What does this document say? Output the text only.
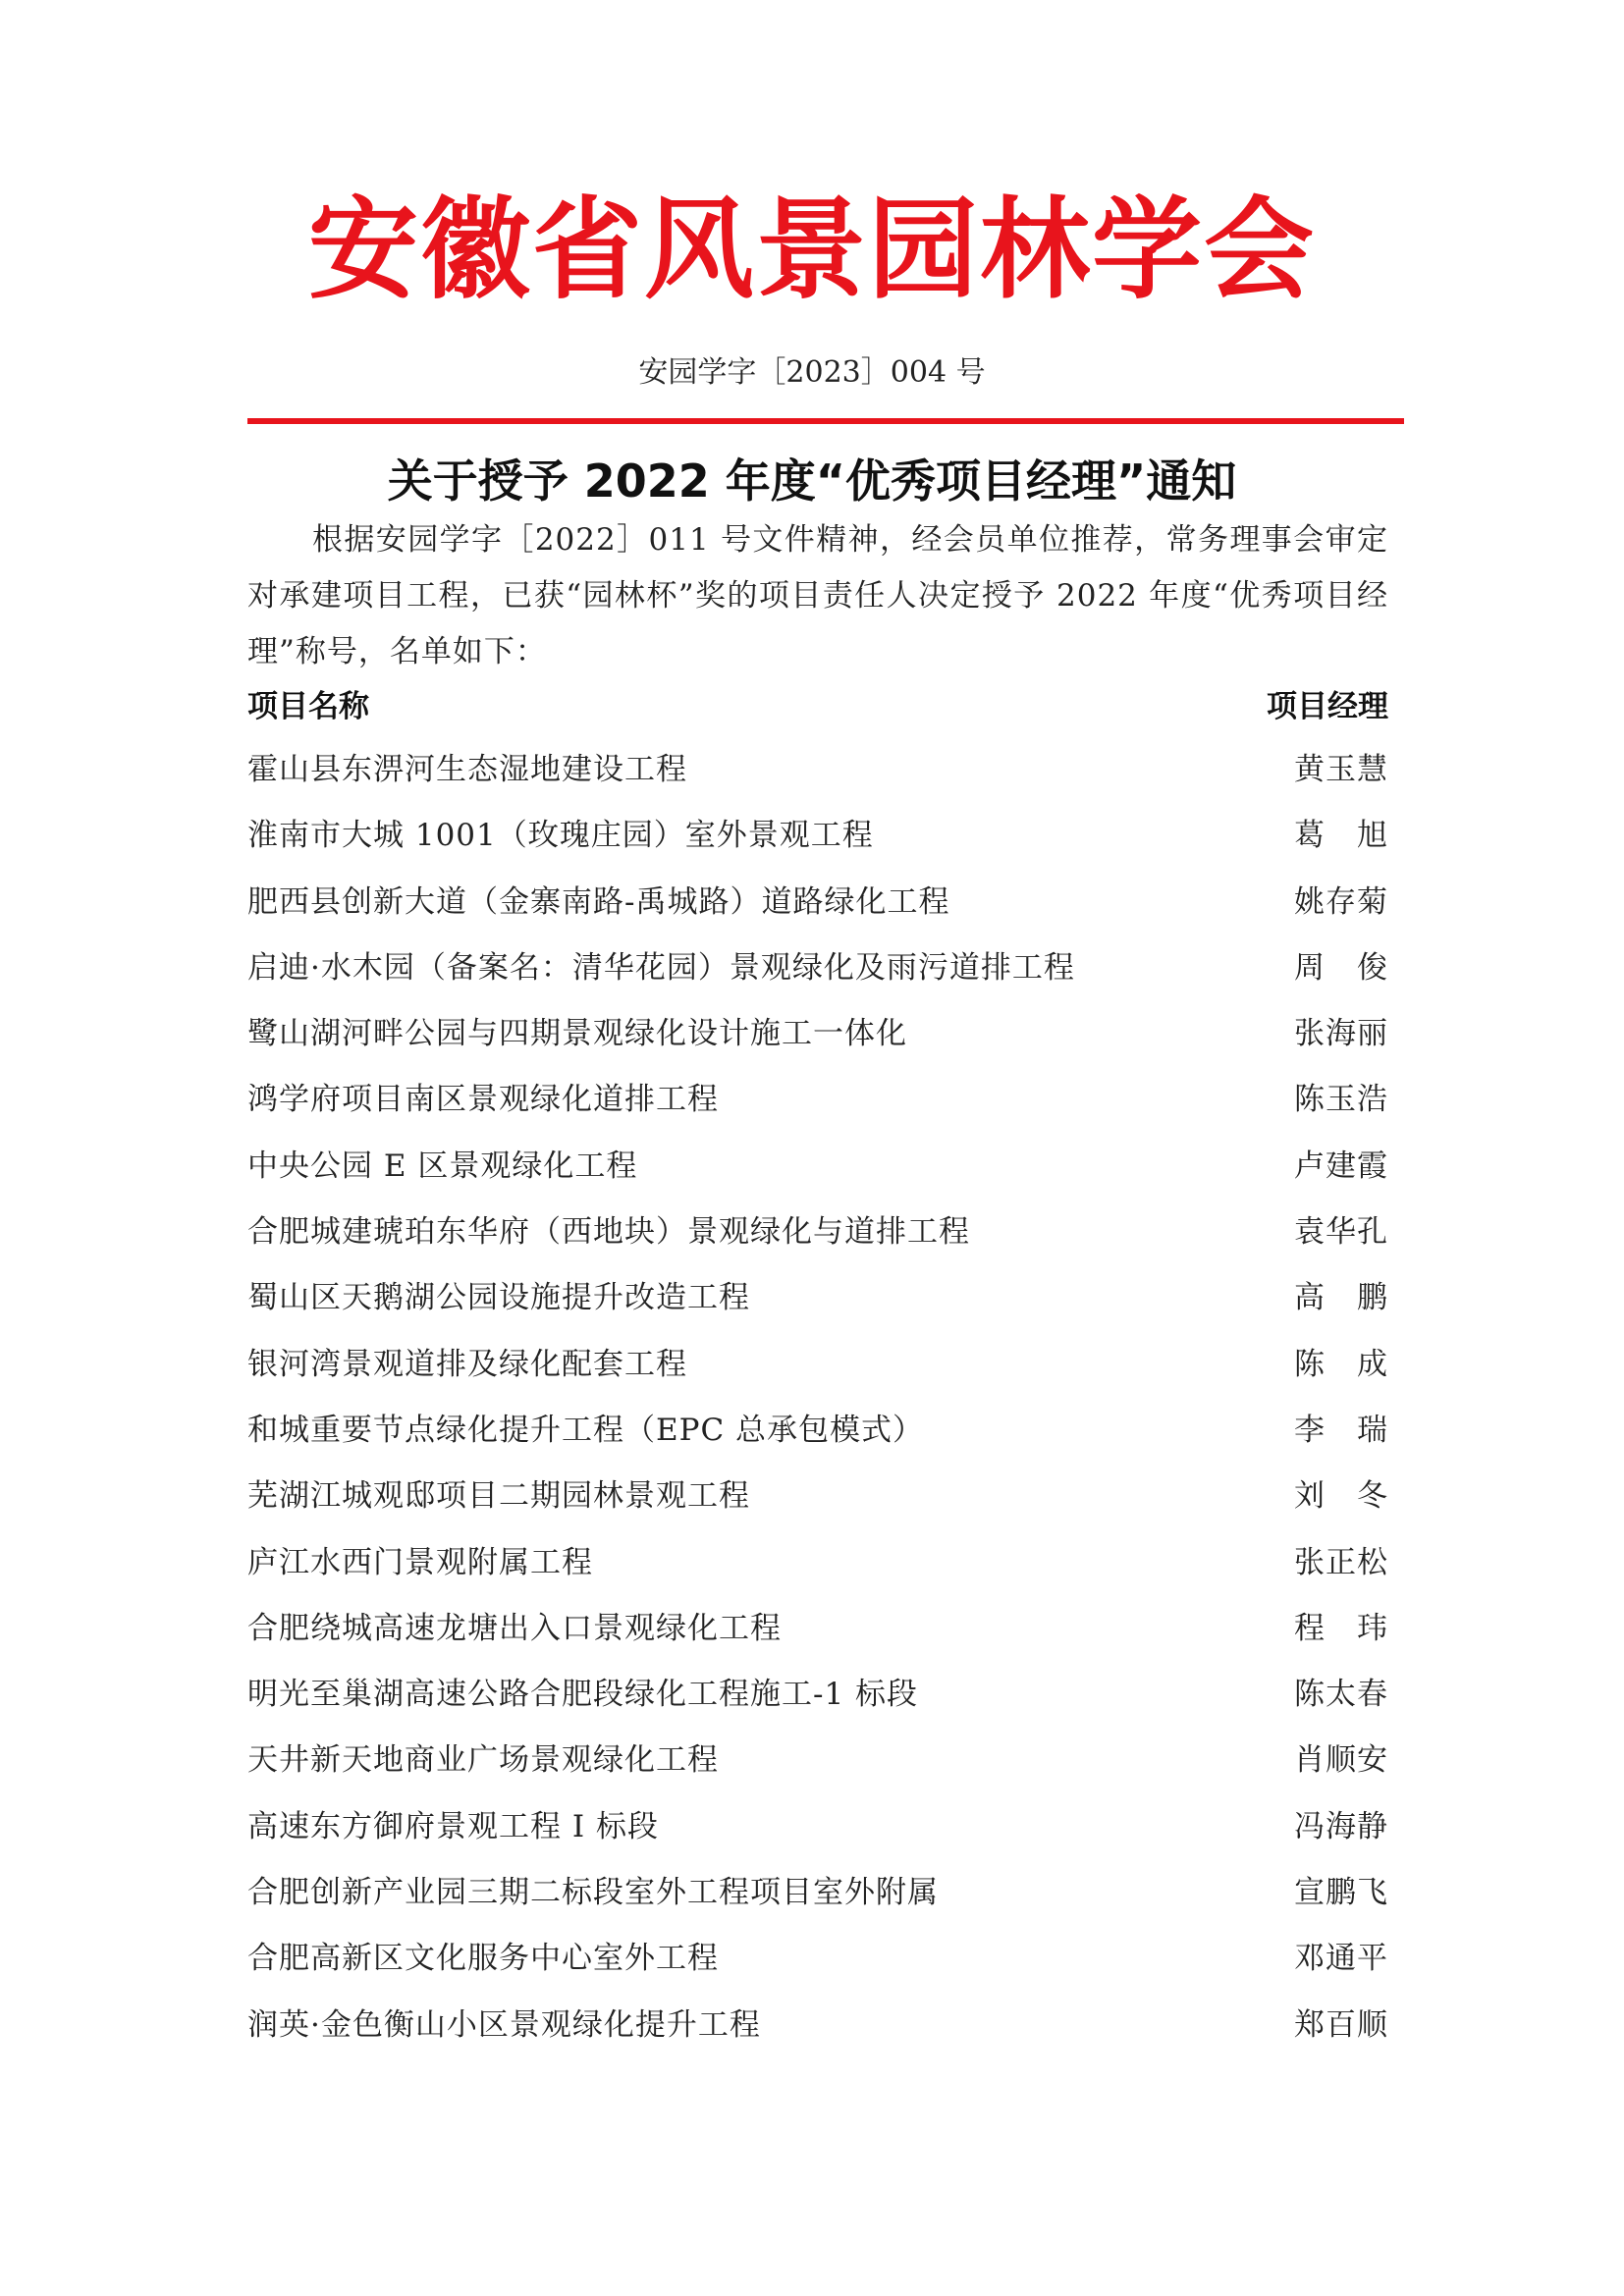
安徽省风景园林学会
安园学字［2023］004 号
关于授予 2022 年度“优秀项目经理”通知
根据安园学字［2022］011 号文件精神，经会员单位推荐，常务理事会审定对承建项目工程，已获“园林杯”奖的项目责任人决定授予 2022 年度“优秀项目经理”称号，名单如下：
项目名称	项目经理
霍山县东淠河生态湿地建设工程	黄玉慧
淮南市大城 1001（玫瑰庄园）室外景观工程	葛　旭
肥西县创新大道（金寨南路-禹城路）道路绿化工程	姚存菊
启迪·水木园（备案名：清华花园）景观绿化及雨污道排工程	周　俊
鹭山湖河畔公园与四期景观绿化设计施工一体化	张海丽
鸿学府项目南区景观绿化道排工程	陈玉浩
中央公园 E 区景观绿化工程	卢建霞
合肥城建琥珀东华府（西地块）景观绿化与道排工程	袁华孔
蜀山区天鹅湖公园设施提升改造工程	高　鹏
银河湾景观道排及绿化配套工程	陈　成
和城重要节点绿化提升工程（EPC 总承包模式）	李　瑞
芜湖江城观邸项目二期园林景观工程	刘　冬
庐江水西门景观附属工程	张正松
合肥绕城高速龙塘出入口景观绿化工程	程　玮
明光至巢湖高速公路合肥段绿化工程施工-1 标段	陈太春
天井新天地商业广场景观绿化工程	肖顺安
高速东方御府景观工程 I 标段	冯海静
合肥创新产业园三期二标段室外工程项目室外附属	宣鹏飞
合肥高新区文化服务中心室外工程	邓通平
润英·金色衡山小区景观绿化提升工程	郑百顺
